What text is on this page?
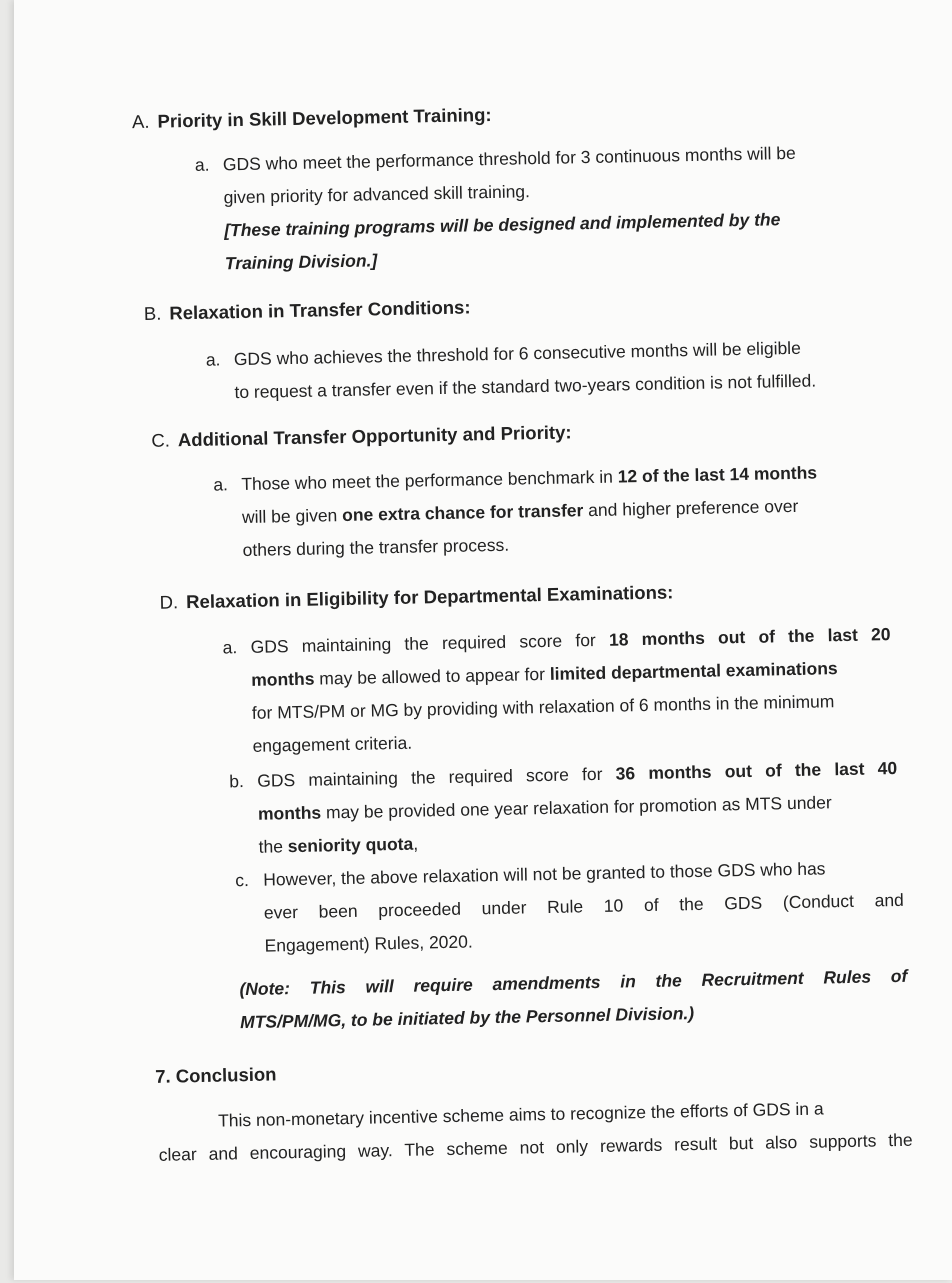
A. Priority in Skill Development Training:
a. GDS who meet the performance threshold for 3 continuous months will be
given priority for advanced skill training.
[These training programs will be designed and implemented by the
Training Division.]
B. Relaxation in Transfer Conditions:
a. GDS who achieves the threshold for 6 consecutive months will be eligible
to request a transfer even if the standard two-years condition is not fulfilled.
C. Additional Transfer Opportunity and Priority:
a. Those who meet the performance benchmark in 12 of the last 14 months
will be given one extra chance for transfer and higher preference over
others during the transfer process.
D. Relaxation in Eligibility for Departmental Examinations:
a. GDS maintaining the required score for 18 months out of the last 20
months may be allowed to appear for limited departmental examinations
for MTS/PM or MG by providing with relaxation of 6 months in the minimum
engagement criteria.
b. GDS maintaining the required score for 36 months out of the last 40
months may be provided one year relaxation for promotion as MTS under
the seniority quota,
c. However, the above relaxation will not be granted to those GDS who has
ever been proceeded under Rule 10 of the GDS (Conduct and
Engagement) Rules, 2020.
(Note: This will require amendments in the Recruitment Rules of
MTS/PM/MG, to be initiated by the Personnel Division.)
7. Conclusion
This non-monetary incentive scheme aims to recognize the efforts of GDS in a
clear and encouraging way. The scheme not only rewards result but also supports the
